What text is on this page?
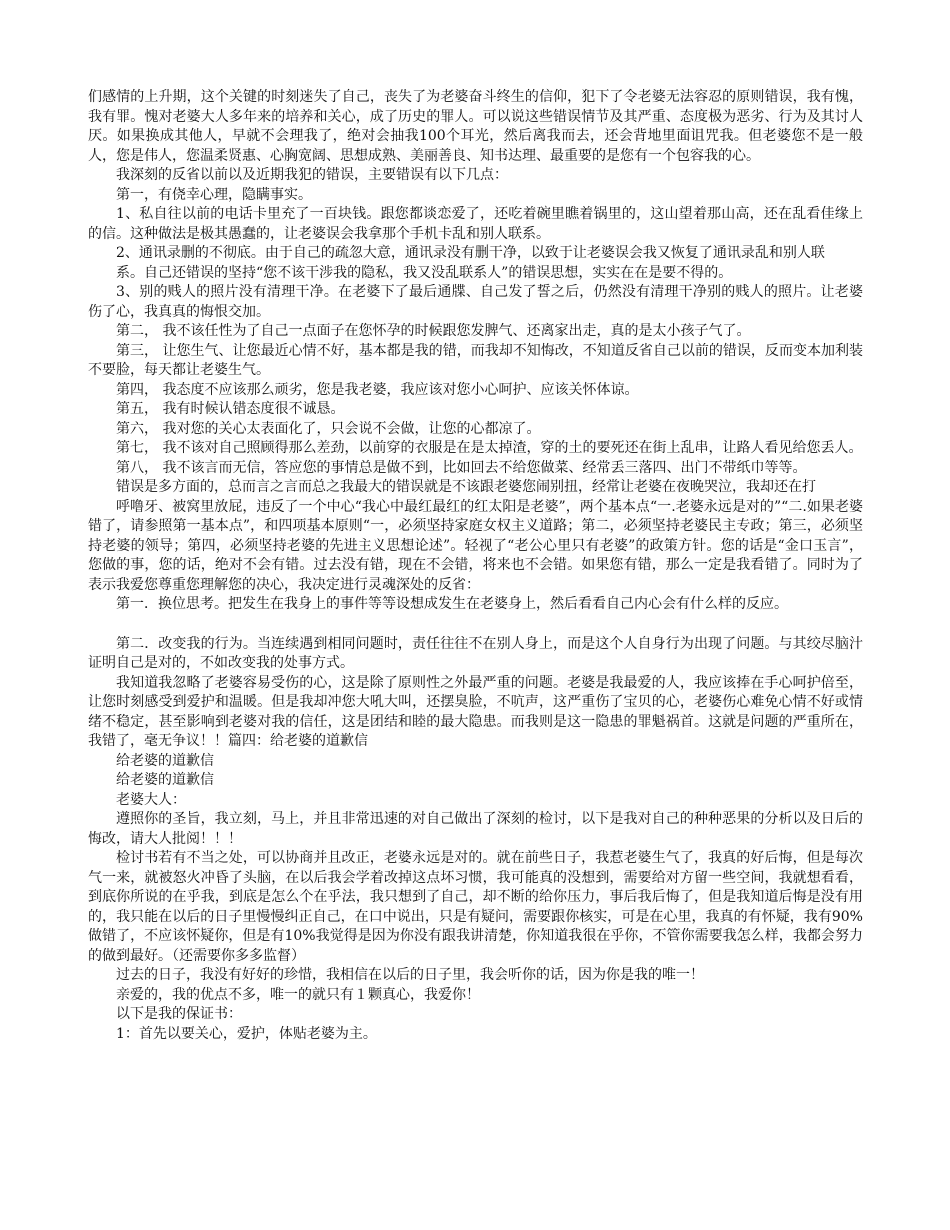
们感情的上升期，这个关键的时刻迷失了自己，丧失了为老婆奋斗终生的信仰，犯下了令老婆无法容忍的原则错误，我有愧，我有罪。愧对老婆大人多年来的培养和关心，成了历史的罪人。可以说这些错误情节及其严重、态度极为恶劣、行为及其讨人厌。如果换成其他人，早就不会理我了，绝对会抽我100个耳光，然后离我而去，还会背地里面诅咒我。但老婆您不是一般人，您是伟人，您温柔贤惠、心胸宽阔、思想成熟、美丽善良、知书达理、最重要的是您有一个包容我的心。

我深刻的反省以前以及近期我犯的错误，主要错误有以下几点：

第一，有侥幸心理，隐瞒事实。

1、私自往以前的电话卡里充了一百块钱。跟您都谈恋爱了，还吃着碗里瞧着锅里的，这山望着那山高，还在乱看佳缘上的信。这种做法是极其愚蠢的，让老婆误会我拿那个手机卡乱和别人联系。

2、通讯录删的不彻底。由于自己的疏忽大意，通讯录没有删干净，以致于让老婆误会我又恢复了通讯录乱和别人联

系。自己还错误的坚持“您不该干涉我的隐私，我又没乱联系人”的错误思想，实实在在是要不得的。

3、别的贱人的照片没有清理干净。在老婆下了最后通牒、自己发了誓之后，仍然没有清理干净别的贱人的照片。让老婆伤了心，我真真的悔恨交加。

第二， 我不该任性为了自己一点面子在您怀孕的时候跟您发脾气、还离家出走，真的是太小孩子气了。

第三， 让您生气、让您最近心情不好，基本都是我的错，而我却不知悔改，不知道反省自己以前的错误，反而变本加利装不要脸，每天都让老婆生气。

第四， 我态度不应该那么顽劣，您是我老婆，我应该对您小心呵护、应该关怀体谅。

第五， 我有时候认错态度很不诚恳。

第六， 我对您的关心太表面化了，只会说不会做，让您的心都凉了。

第七， 我不该对自己照顾得那么差劲，以前穿的衣服是在是太掉渣，穿的土的要死还在街上乱串，让路人看见给您丢人。

第八， 我不该言而无信，答应您的事情总是做不到，比如回去不给您做菜、经常丢三落四、出门不带纸巾等等。

错误是多方面的，总而言之言而总之我最大的错误就是不该跟老婆您闹别扭，经常让老婆在夜晚哭泣，我却还在打

呼噜牙、被窝里放屁，违反了一个中心“我心中最红最红的红太阳是老婆”，两个基本点“一.老婆永远是对的”“二.如果老婆错了，请参照第一基本点”，和四项基本原则“一，必须坚持家庭女权主义道路；第二，必须坚持老婆民主专政；第三，必须坚持老婆的领导；第四，必须坚持老婆的先进主义思想论述”。轻视了“老公心里只有老婆”的政策方针。您的话是“金口玉言”，您做的事，您的话，绝对不会有错。过去没有错，现在不会错，将来也不会错。如果您有错，那么一定是我看错了。同时为了表示我爱您尊重您理解您的决心，我决定进行灵魂深处的反省：

第一．换位思考。把发生在我身上的事件等等设想成发生在老婆身上，然后看看自己内心会有什么样的反应。

第二．改变我的行为。当连续遇到相同问题时，责任往往不在别人身上，而是这个人自身行为出现了问题。与其绞尽脑汁证明自己是对的，不如改变我的处事方式。

我知道我忽略了老婆容易受伤的心，这是除了原则性之外最严重的问题。老婆是我最爱的人，我应该捧在手心呵护倍至，让您时刻感受到爱护和温暖。但是我却冲您大吼大叫，还摆臭脸，不吭声，这严重伤了宝贝的心，老婆伤心难免心情不好或情绪不稳定，甚至影响到老婆对我的信任，这是团结和睦的最大隐患。而我则是这一隐患的罪魁祸首。这就是问题的严重所在，我错了，毫无争议！！篇四：给老婆的道歉信

给老婆的道歉信

给老婆的道歉信

老婆大人：

遵照你的圣旨，我立刻，马上，并且非常迅速的对自己做出了深刻的检讨，以下是我对自己的种种恶果的分析以及日后的悔改，请大人批阅！！！

检讨书若有不当之处，可以协商并且改正，老婆永远是对的。就在前些日子，我惹老婆生气了，我真的好后悔，但是每次气一来，就被怒火冲昏了头脑，在以后我会学着改掉这点坏习惯，我可能真的没想到，需要给对方留一些空间，我就想看看，到底你所说的在乎我，到底是怎么个在乎法，我只想到了自己，却不断的给你压力，事后我后悔了，但是我知道后悔是没有用的，我只能在以后的日子里慢慢纠正自己，在口中说出，只是有疑问，需要跟你核实，可是在心里，我真的有怀疑，我有90%做错了，不应该怀疑你，但是有10%我觉得是因为你没有跟我讲清楚，你知道我很在乎你，不管你需要我怎么样，我都会努力的做到最好。（还需要你多多监督）

过去的日子，我没有好好的珍惜，我相信在以后的日子里，我会听你的话，因为你是我的唯一！

亲爱的，我的优点不多，唯一的就只有１颗真心，我爱你！

以下是我的保证书：

1：首先以要关心，爱护，体贴老婆为主。
